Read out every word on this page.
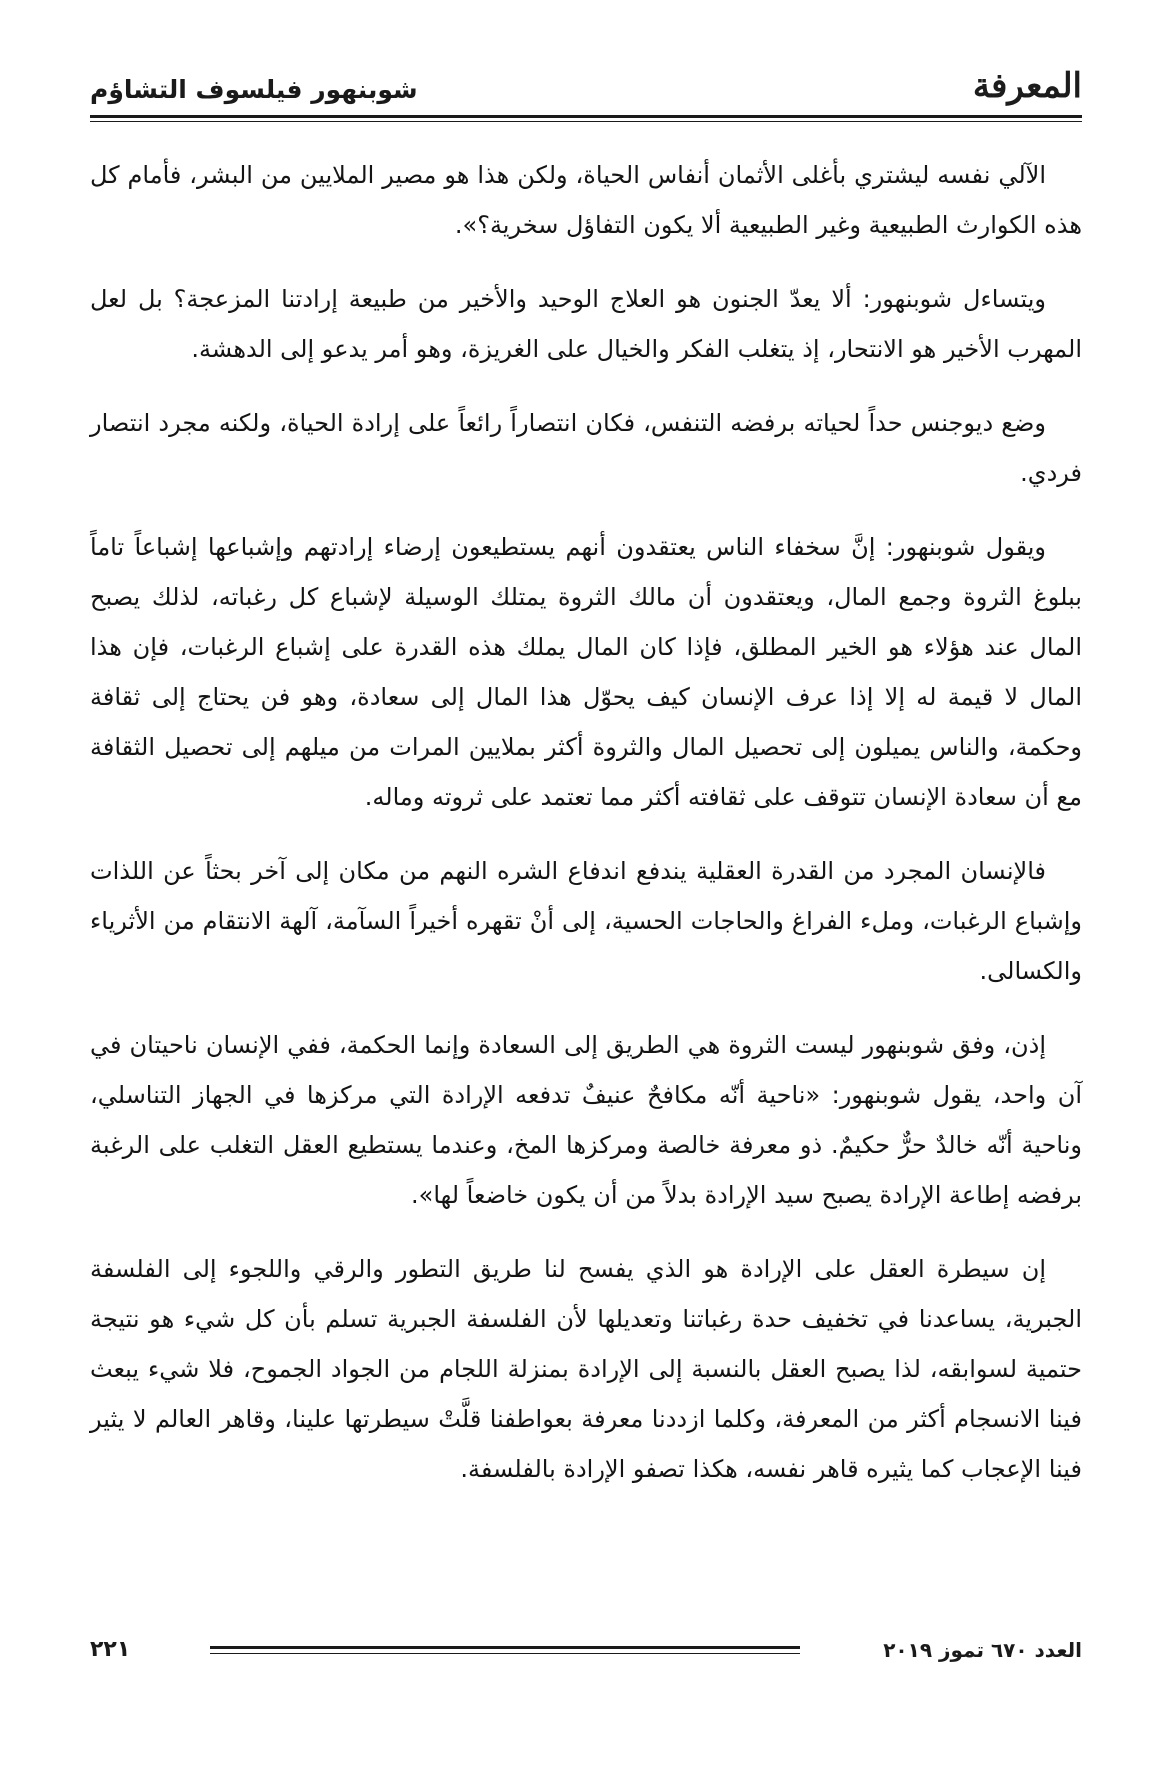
المعرفة
شوبنهور فيلسوف التشاؤم

الآلي نفسه ليشتري بأغلى الأثمان أنفاس الحياة، ولكن هذا هو مصير الملايين من البشر، فأمام كل هذه الكوارث الطبيعية وغير الطبيعية ألا يكون التفاؤل سخرية؟».

ويتساءل شوبنهور: ألا يعدّ الجنون هو العلاج الوحيد والأخير من طبيعة إرادتنا المزعجة؟ بل لعل المهرب الأخير هو الانتحار، إذ يتغلب الفكر والخيال على الغريزة، وهو أمر يدعو إلى الدهشة.

وضع ديوجنس حداً لحياته برفضه التنفس، فكان انتصاراً رائعاً على إرادة الحياة، ولكنه مجرد انتصار فردي.

ويقول شوبنهور: إنَّ سخفاء الناس يعتقدون أنهم يستطيعون إرضاء إرادتهم وإشباعها إشباعاً تاماً ببلوغ الثروة وجمع المال، ويعتقدون أن مالك الثروة يمتلك الوسيلة لإشباع كل رغباته، لذلك يصبح المال عند هؤلاء هو الخير المطلق، فإذا كان المال يملك هذه القدرة على إشباع الرغبات، فإن هذا المال لا قيمة له إلا إذا عرف الإنسان كيف يحوّل هذا المال إلى سعادة، وهو فن يحتاج إلى ثقافة وحكمة، والناس يميلون إلى تحصيل المال والثروة أكثر بملايين المرات من ميلهم إلى تحصيل الثقافة مع أن سعادة الإنسان تتوقف على ثقافته أكثر مما تعتمد على ثروته وماله.

فالإنسان المجرد من القدرة العقلية يندفع اندفاع الشره النهم من مكان إلى آخر بحثاً عن اللذات وإشباع الرغبات، وملء الفراغ والحاجات الحسية، إلى أنْ تقهره أخيراً السآمة، آلهة الانتقام من الأثرياء والكسالى.

إذن، وفق شوبنهور ليست الثروة هي الطريق إلى السعادة وإنما الحكمة، ففي الإنسان ناحيتان في آن واحد، يقول شوبنهور: «ناحية أنّه مكافحٌ عنيفٌ تدفعه الإرادة التي مركزها في الجهاز التناسلي، وناحية أنّه خالدٌ حرٌّ حكيمٌ. ذو معرفة خالصة ومركزها المخ، وعندما يستطيع العقل التغلب على الرغبة برفضه إطاعة الإرادة يصبح سيد الإرادة بدلاً من أن يكون خاضعاً لها».

إن سيطرة العقل على الإرادة هو الذي يفسح لنا طريق التطور والرقي واللجوء إلى الفلسفة الجبرية، يساعدنا في تخفيف حدة رغباتنا وتعديلها لأن الفلسفة الجبرية تسلم بأن كل شيء هو نتيجة حتمية لسوابقه، لذا يصبح العقل بالنسبة إلى الإرادة بمنزلة اللجام من الجواد الجموح، فلا شيء يبعث فينا الانسجام أكثر من المعرفة، وكلما ازددنا معرفة بعواطفنا قلَّتْ سيطرتها علينا، وقاهر العالم لا يثير فينا الإعجاب كما يثيره قاهر نفسه، هكذا تصفو الإرادة بالفلسفة.

٢٢١	العدد ٦٧٠ تموز ٢٠١٩
